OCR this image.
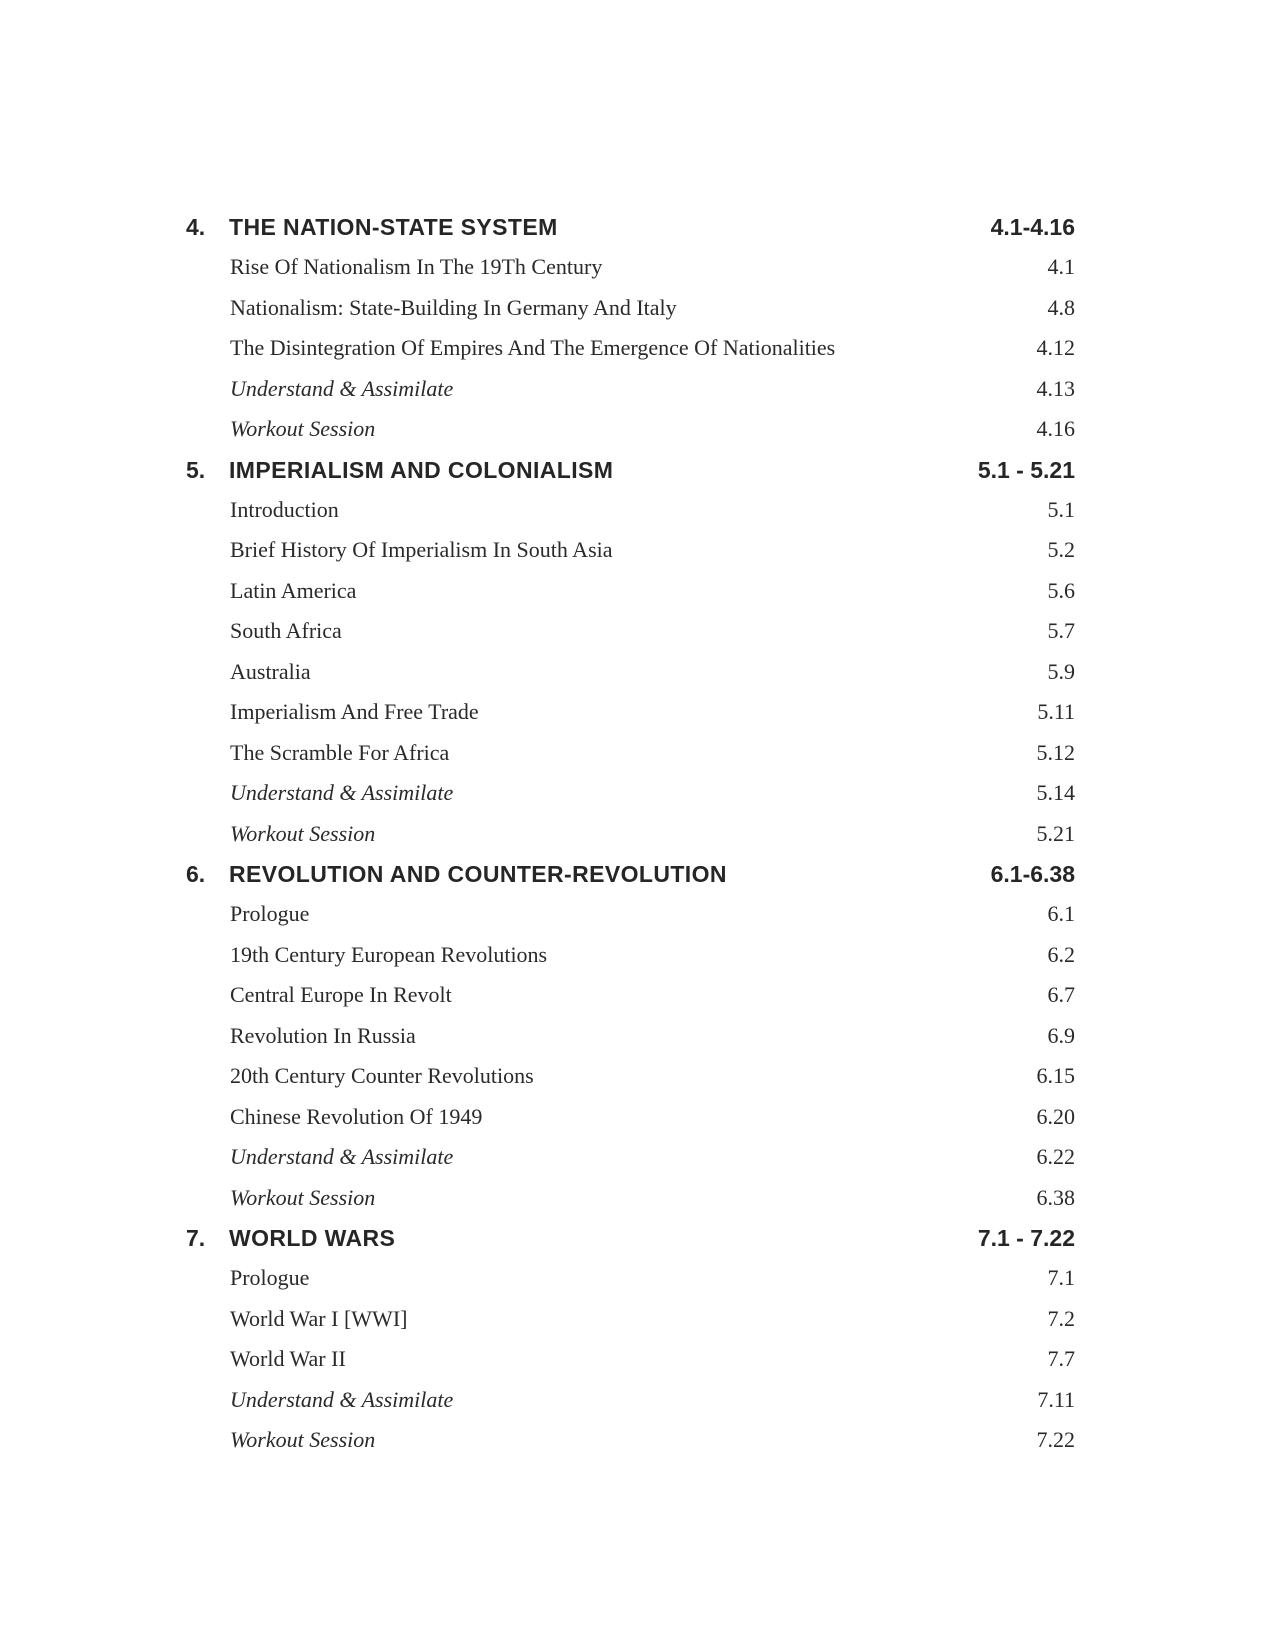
4. THE NATION-STATE SYSTEM	4.1-4.16
Rise Of Nationalism In The 19Th Century	4.1
Nationalism: State-Building In Germany And Italy	4.8
The Disintegration Of Empires And The Emergence Of Nationalities	4.12
Understand & Assimilate	4.13
Workout Session	4.16
5. IMPERIALISM AND COLONIALISM	5.1 - 5.21
Introduction	5.1
Brief History Of Imperialism In South Asia	5.2
Latin America	5.6
South Africa	5.7
Australia	5.9
Imperialism And Free Trade	5.11
The Scramble For Africa	5.12
Understand & Assimilate	5.14
Workout Session	5.21
6. REVOLUTION AND COUNTER-REVOLUTION	6.1-6.38
Prologue	6.1
19th Century European Revolutions	6.2
Central Europe In Revolt	6.7
Revolution In Russia	6.9
20th Century Counter Revolutions	6.15
Chinese Revolution Of 1949	6.20
Understand & Assimilate	6.22
Workout Session	6.38
7. WORLD WARS	7.1 - 7.22
Prologue	7.1
World War I [WWI]	7.2
World War II	7.7
Understand & Assimilate	7.11
Workout Session	7.22
